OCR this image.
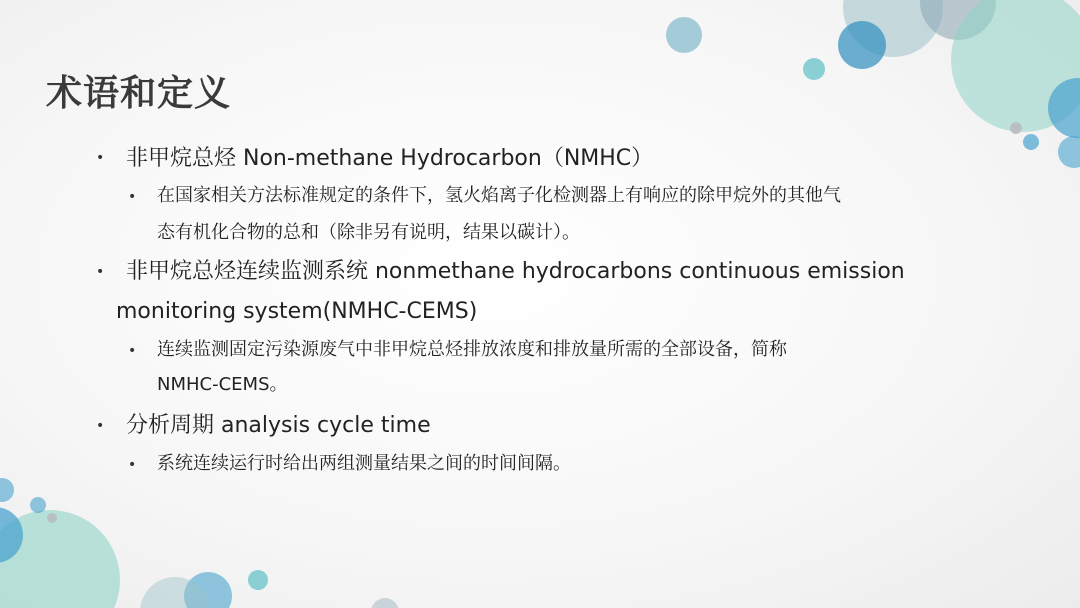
术语和定义
• 非甲烷总烃 Non-methane Hydrocarbon（NMHC）
• 在国家相关方法标准规定的条件下，氢火焰离子化检测器上有响应的除甲烷外的其他气
态有机化合物的总和（除非另有说明，结果以碳计）。
• 非甲烷总烃连续监测系统 nonmethane hydrocarbons continuous emission
monitoring system(NMHC-CEMS)
• 连续监测固定污染源废气中非甲烷总烃排放浓度和排放量所需的全部设备，简称
NMHC-CEMS。
• 分析周期 analysis cycle time
• 系统连续运行时给出两组测量结果之间的时间间隔。
